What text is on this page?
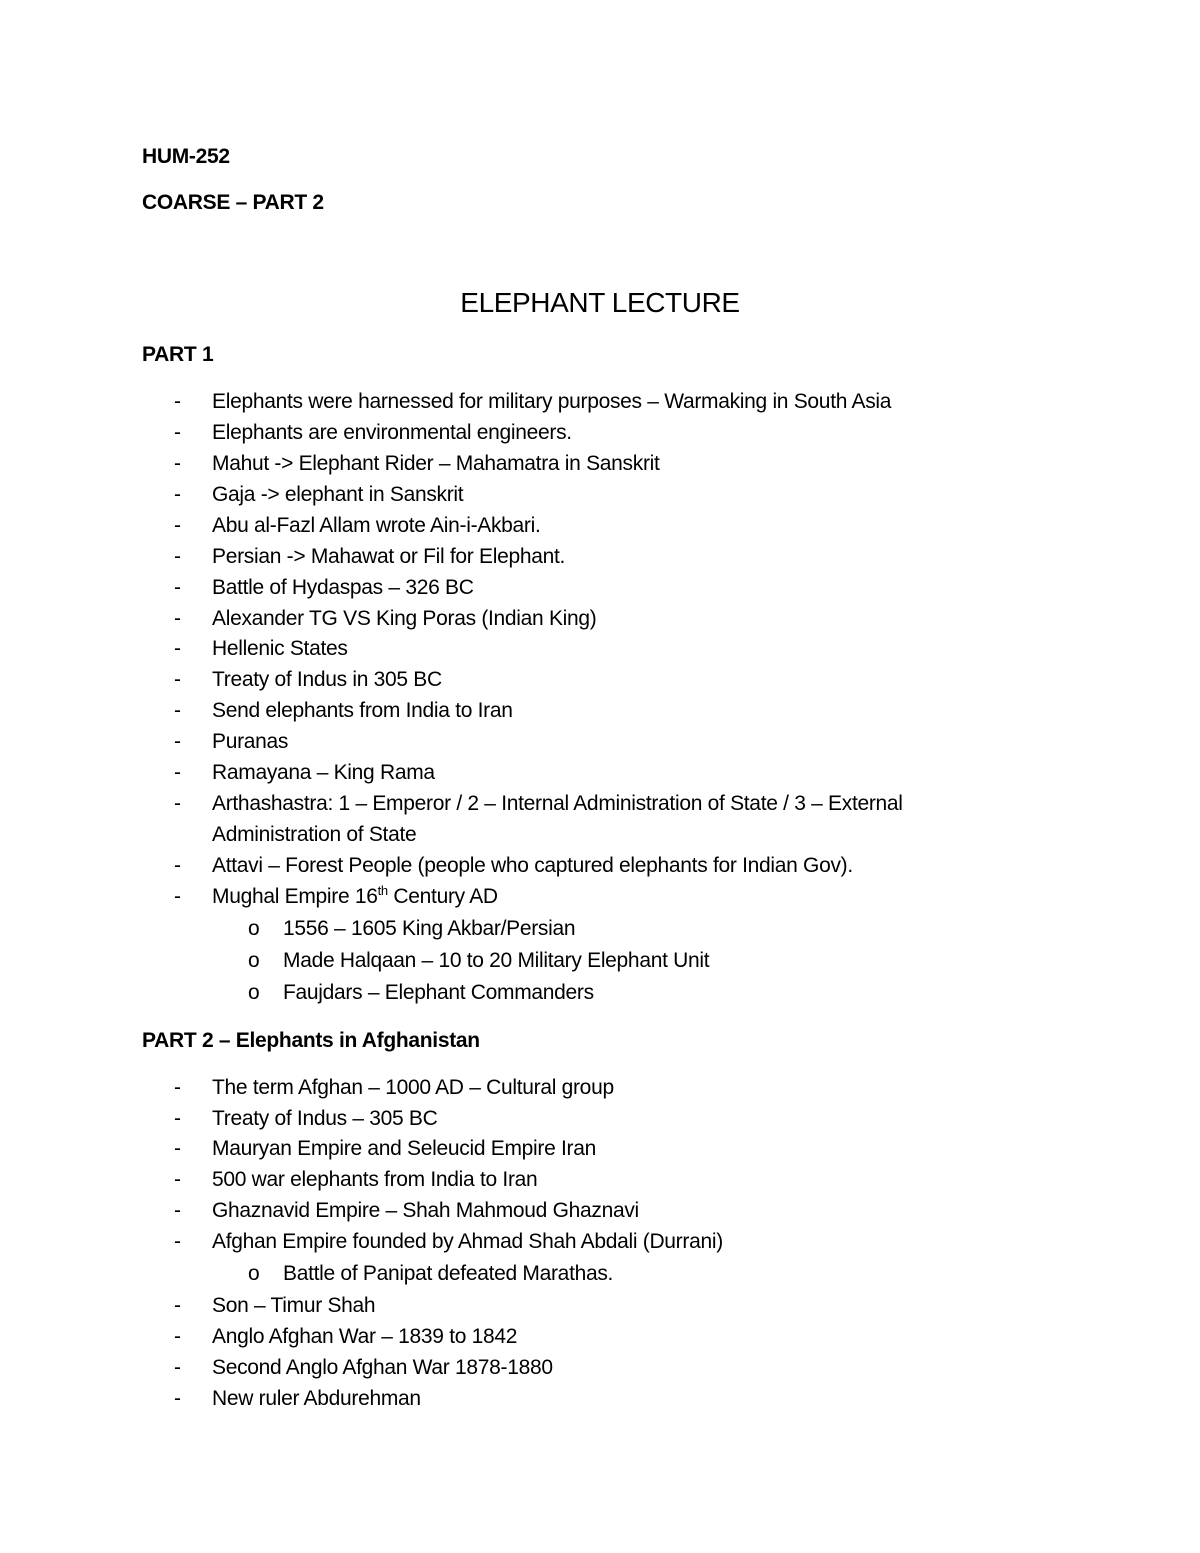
HUM-252
COARSE – PART 2
ELEPHANT LECTURE
PART 1
- Elephants were harnessed for military purposes – Warmaking in South Asia
- Elephants are environmental engineers.
- Mahut -> Elephant Rider – Mahamatra in Sanskrit
- Gaja -> elephant in Sanskrit
- Abu al-Fazl Allam wrote Ain-i-Akbari.
- Persian -> Mahawat or Fil for Elephant.
- Battle of Hydaspas – 326 BC
- Alexander TG VS King Poras (Indian King)
- Hellenic States
- Treaty of Indus in 305 BC
- Send elephants from India to Iran
- Puranas
- Ramayana – King Rama
- Arthashastra: 1 – Emperor / 2 – Internal Administration of State / 3 – External
Administration of State
- Attavi – Forest People (people who captured elephants for Indian Gov).
- Mughal Empire 16th Century AD
o 1556 – 1605 King Akbar/Persian
o Made Halqaan – 10 to 20 Military Elephant Unit
o Faujdars – Elephant Commanders
PART 2 – Elephants in Afghanistan
- The term Afghan – 1000 AD – Cultural group
- Treaty of Indus – 305 BC
- Mauryan Empire and Seleucid Empire Iran
- 500 war elephants from India to Iran
- Ghaznavid Empire – Shah Mahmoud Ghaznavi
- Afghan Empire founded by Ahmad Shah Abdali (Durrani)
o Battle of Panipat defeated Marathas.
- Son – Timur Shah
- Anglo Afghan War – 1839 to 1842
- Second Anglo Afghan War 1878-1880
- New ruler Abdurehman
